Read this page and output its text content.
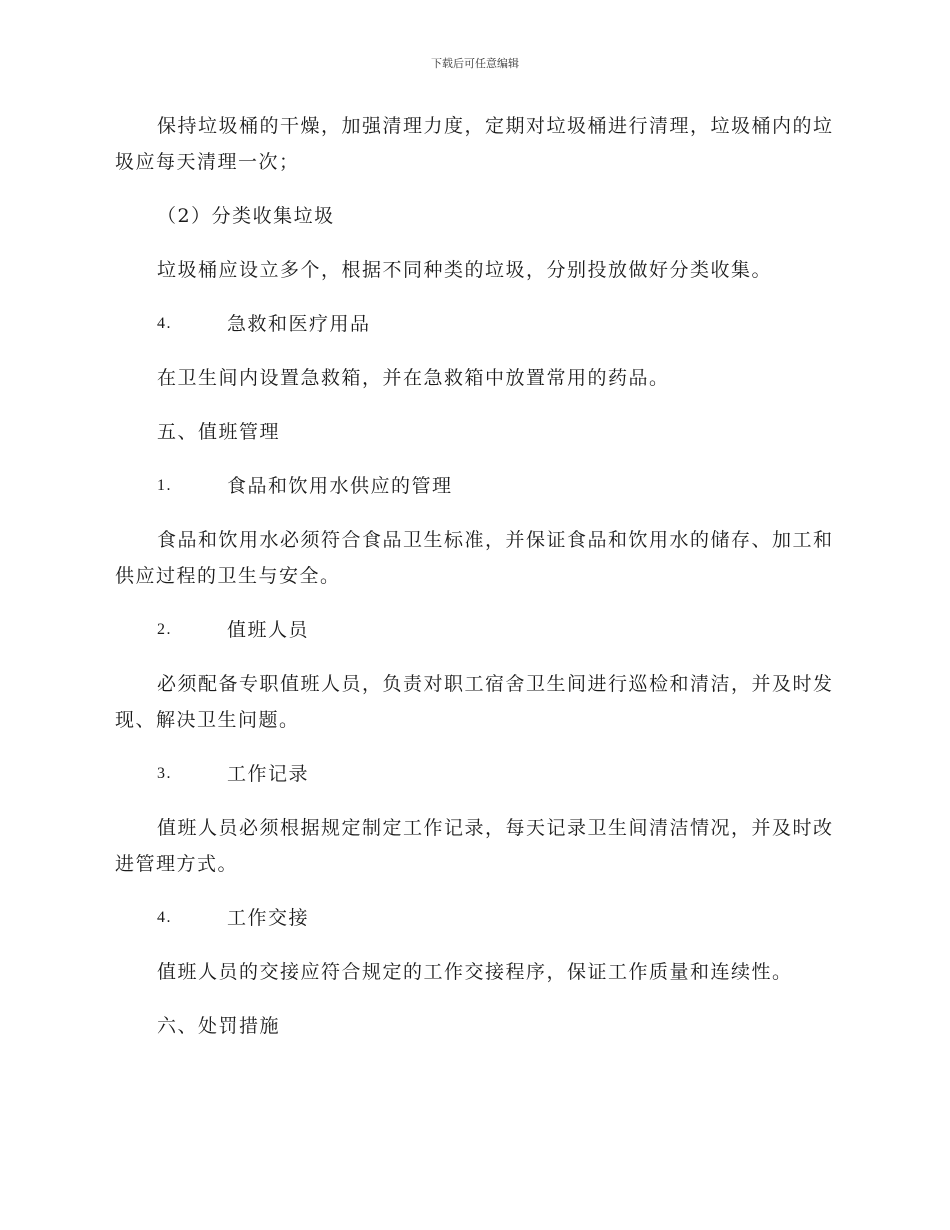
下载后可任意编辑

保持垃圾桶的干燥，加强清理力度，定期对垃圾桶进行清理，垃圾桶内的垃圾应每天清理一次；

（2）分类收集垃圾

垃圾桶应设立多个，根据不同种类的垃圾，分别投放做好分类收集。

4.	急救和医疗用品

在卫生间内设置急救箱，并在急救箱中放置常用的药品。

五、值班管理

1.	食品和饮用水供应的管理

食品和饮用水必须符合食品卫生标准，并保证食品和饮用水的储存、加工和供应过程的卫生与安全。

2.	值班人员

必须配备专职值班人员，负责对职工宿舍卫生间进行巡检和清洁，并及时发现、解决卫生问题。

3.	工作记录

值班人员必须根据规定制定工作记录，每天记录卫生间清洁情况，并及时改进管理方式。

4.	工作交接

值班人员的交接应符合规定的工作交接程序，保证工作质量和连续性。

六、处罚措施
